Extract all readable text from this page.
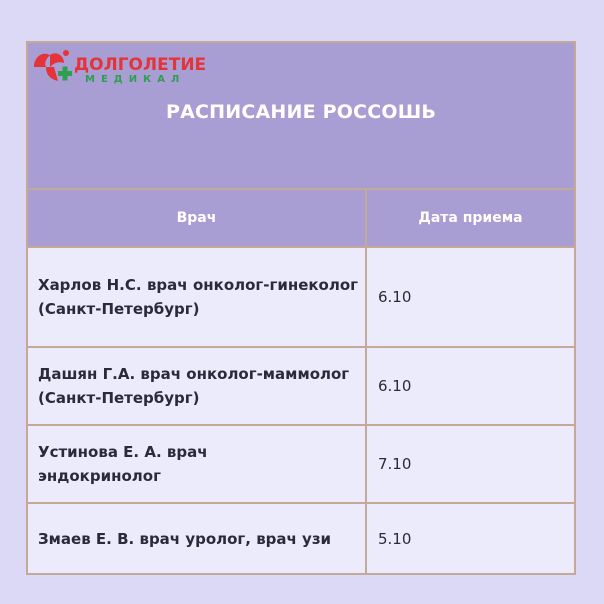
ДОЛГОЛЕТИЕ
МЕДИКАЛ
РАСПИСАНИЕ РОССОШЬ
Врач	Дата приема
Харлов Н.С. врач онколог-гинеколог (Санкт-Петербург)
6.10
Дашян Г.А. врач онколог-маммолог (Санкт-Петербург)
6.10
Устинова Е. А. врач эндокринолог
7.10
Змаев Е. В. врач уролог, врач узи	5.10
